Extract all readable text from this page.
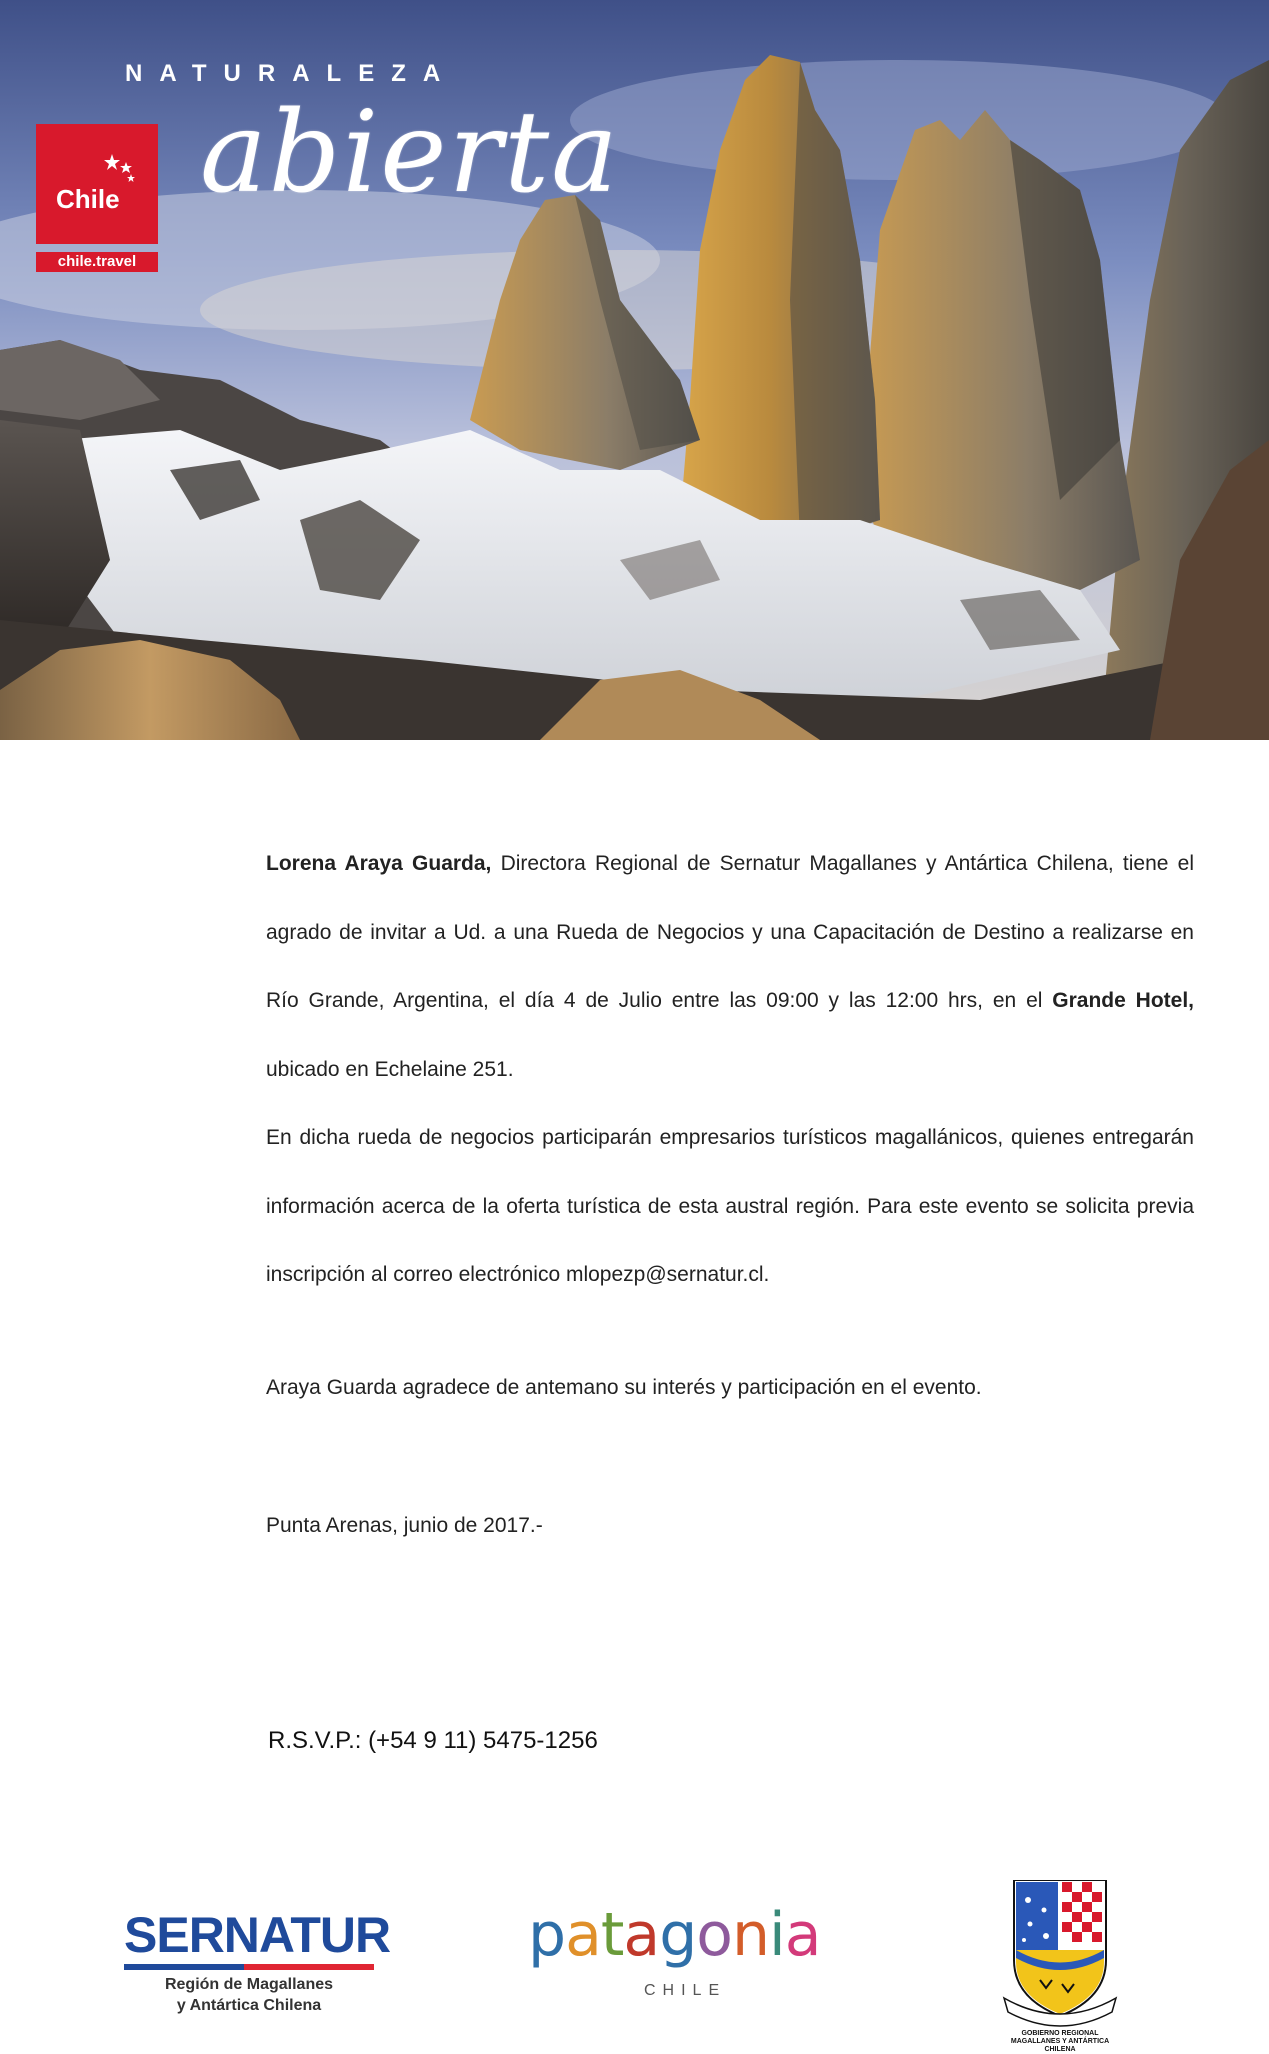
NATURALEZA
abierta
Chile
chile.travel

Lorena Araya Guarda, Directora Regional de Sernatur Magallanes y Antártica Chilena, tiene el agrado de invitar a Ud. a una Rueda de Negocios y una Capacitación de Destino a realizarse en Río Grande, Argentina, el día 4 de Julio entre las 09:00 y las 12:00 hrs, en el Grande Hotel, ubicado en Echelaine 251.

En dicha rueda de negocios participarán empresarios turísticos magallánicos, quienes entregarán información acerca de la oferta turística de esta austral región. Para este evento se solicita previa inscripción al correo electrónico mlopezp@sernatur.cl.

Araya Guarda agradece de antemano su interés y participación en el evento.

Punta Arenas, junio de 2017.-

R.S.V.P.: (+54 9 11) 5475-1256
SERNATUR
Región de Magallanes
y Antártica Chilena
patagonia
CHILE
GOBIERNO REGIONAL
MAGALLANES Y ANTÁRTICA
CHILENA
